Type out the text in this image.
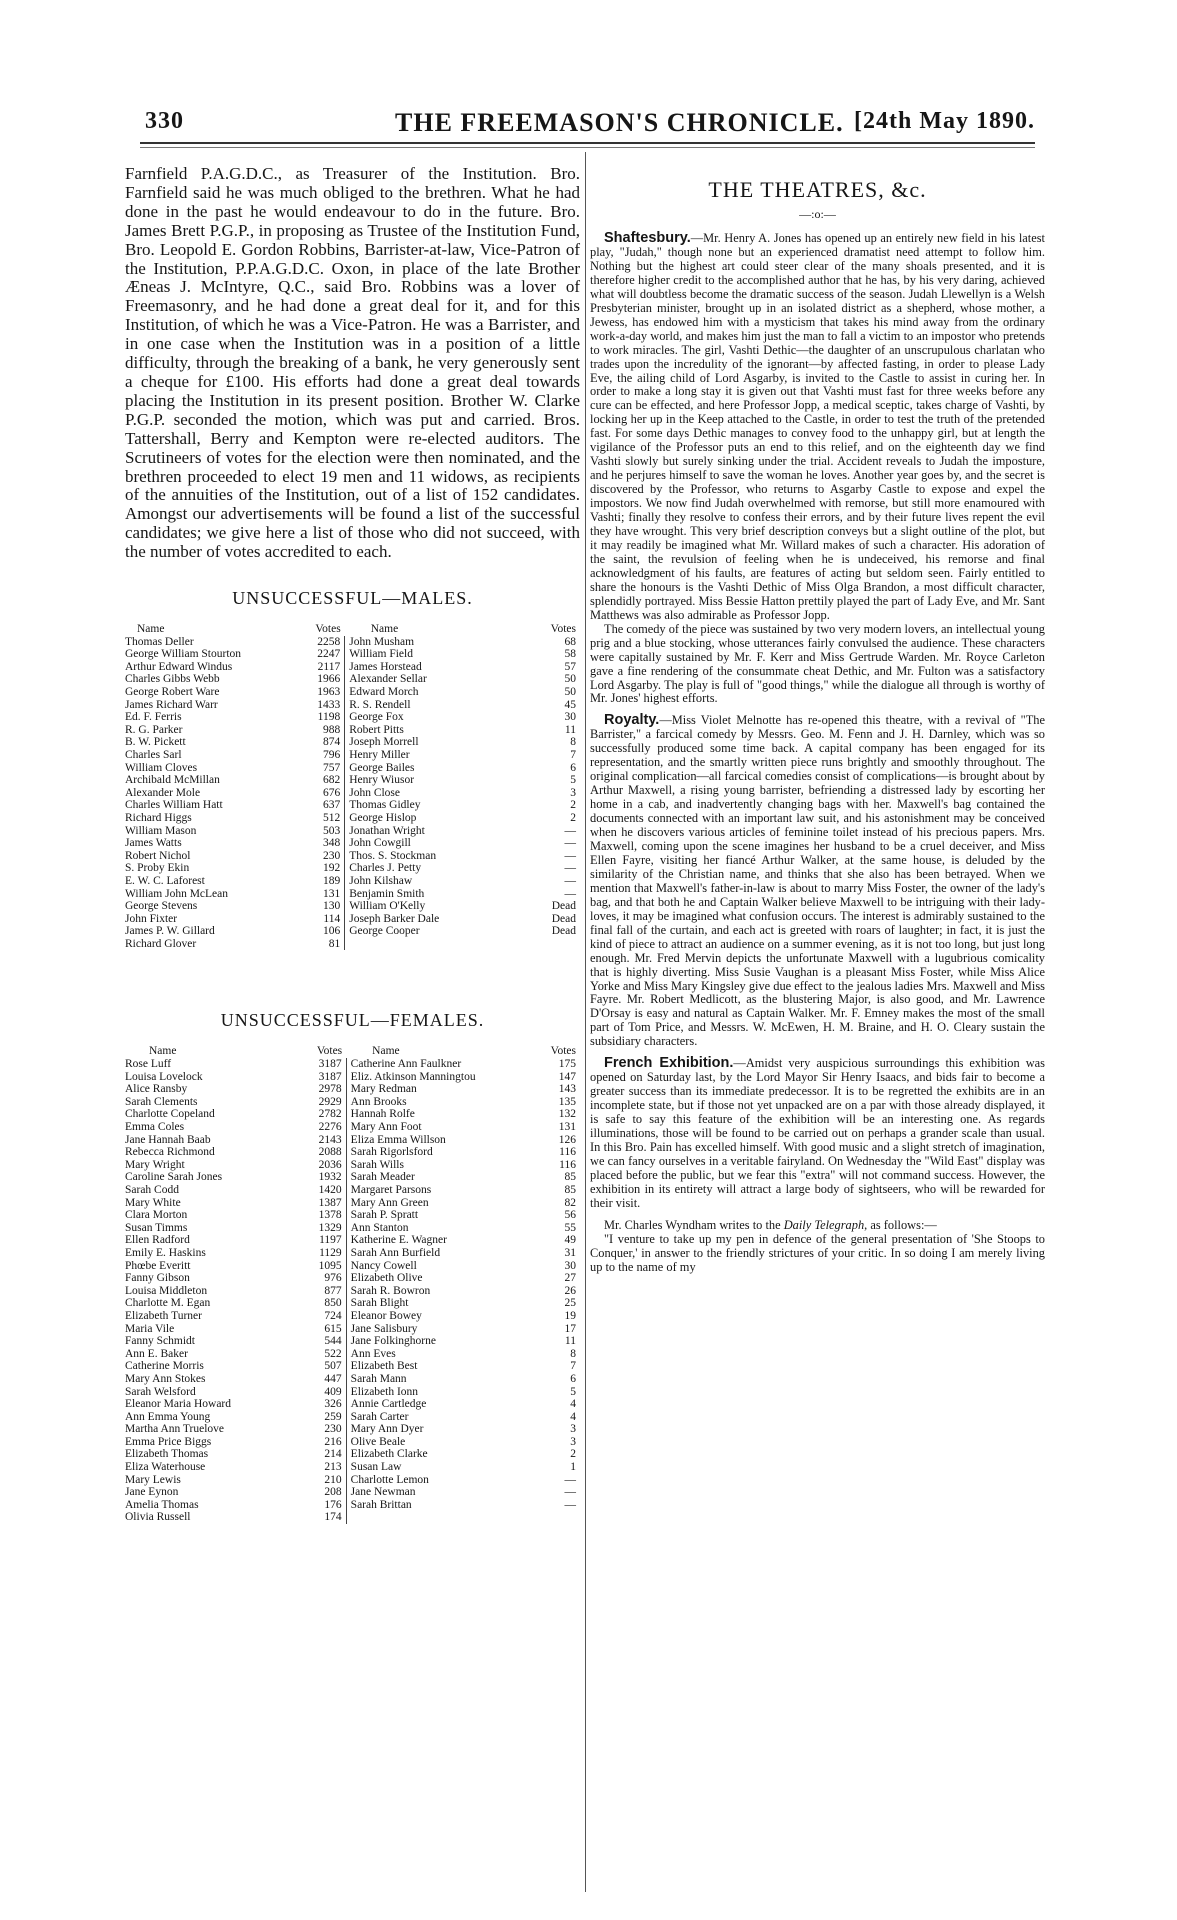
330	THE FREEMASON'S CHRONICLE. [24th May 1890.

Farnfield P.A.G.D.C., as Treasurer of the Institution. Bro. Farnfield said he was much obliged to the brethren. What he had done in the past he would endeavour to do in the future. Bro. James Brett P.G.P., in proposing as Trustee of the Institution Fund, Bro. Leopold E. Gordon Robbins, Barrister-at-law, Vice-Patron of the Institution, P.P.A.G.D.C. Oxon, in place of the late Brother Æneas J. McIntyre, Q.C., said Bro. Robbins was a lover of Freemasonry, and he had done a great deal for it, and for this Institution, of which he was a Vice-Patron. He was a Barrister, and in one case when the Institution was in a position of a little difficulty, through the breaking of a bank, he very generously sent a cheque for £100. His efforts had done a great deal towards placing the Institution in its present position. Brother W. Clarke P.G.P. seconded the motion, which was put and carried. Bros. Tattershall, Berry and Kempton were re-elected auditors. The Scrutineers of votes for the election were then nominated, and the brethren proceeded to elect 19 men and 11 widows, as recipients of the annuities of the Institution, out of a list of 152 candidates. Amongst our advertisements will be found a list of the successful candidates; we give here a list of those who did not succeed, with the number of votes accredited to each.

UNSUCCESSFUL—MALES.
Name	Votes	Name	Votes
Thomas Deller	2258	John Musham	68
George William Stourton	2247	William Field	58
Arthur Edward Windus	2117	James Horstead	57
Charles Gibbs Webb	1966	Alexander Sellar	50
George Robert Ware	1963	Edward Morch	50
James Richard Warr	1433	R. S. Rendell	45
Ed. F. Ferris	1198	George Fox	30
R. G. Parker	988	Robert Pitts	11
B. W. Pickett	874	Joseph Morrell	8
Charles Sarl	796	Henry Miller	7
William Cloves	757	George Bailes	6
Archibald McMillan	682	Henry Wiusor	5
Alexander Mole	676	John Close	3
Charles William Hatt	637	Thomas Gidley	2
Richard Higgs	512	George Hislop	2
William Mason	503	Jonathan Wright	—
James Watts	348	John Cowgill	—
Robert Nichol	230	Thos. S. Stockman	—
S. Proby Ekin	192	Charles J. Petty	—
E. W. C. Laforest	189	John Kilshaw	—
William John McLean	131	Benjamin Smith	—
George Stevens	130	William O'Kelly	Dead
John Fixter	114	Joseph Barker Dale	Dead
James P. W. Gillard	106	George Cooper	Dead
Richard Glover	81		
UNSUCCESSFUL—FEMALES.
Name	Votes	Name	Votes
Rose Luff	3187	Catherine Ann Faulkner	175
Louisa Lovelock	3187	Eliz. Atkinson Manningtou	147
Alice Ransby	2978	Mary Redman	143
Sarah Clements	2929	Ann Brooks	135
Charlotte Copeland	2782	Hannah Rolfe	132
Emma Coles	2276	Mary Ann Foot	131
Jane Hannah Baab	2143	Eliza Emma Willson	126
Rebecca Richmond	2088	Sarah Rigorlsford	116
Mary Wright	2036	Sarah Wills	116
Caroline Sarah Jones	1932	Sarah Meader	85
Sarah Codd	1420	Margaret Parsons	85
Mary White	1387	Mary Ann Green	82
Clara Morton	1378	Sarah P. Spratt	56
Susan Timms	1329	Ann Stanton	55
Ellen Radford	1197	Katherine E. Wagner	49
Emily E. Haskins	1129	Sarah Ann Burfield	31
Phœbe Everitt	1095	Nancy Cowell	30
Fanny Gibson	976	Elizabeth Olive	27
Louisa Middleton	877	Sarah R. Bowron	26
Charlotte M. Egan	850	Sarah Blight	25
Elizabeth Turner	724	Eleanor Bowey	19
Maria Vile	615	Jane Salisbury	17
Fanny Schmidt	544	Jane Folkinghorne	11
Ann E. Baker	522	Ann Eves	8
Catherine Morris	507	Elizabeth Best	7
Mary Ann Stokes	447	Sarah Mann	6
Sarah Welsford	409	Elizabeth Ionn	5
Eleanor Maria Howard	326	Annie Cartledge	4
Ann Emma Young	259	Sarah Carter	4
Martha Ann Truelove	230	Mary Ann Dyer	3
Emma Price Biggs	216	Olive Beale	3
Elizabeth Thomas	214	Elizabeth Clarke	2
Eliza Waterhouse	213	Susan Law	1
Mary Lewis	210	Charlotte Lemon	—
Jane Eynon	208	Jane Newman	—
Amelia Thomas	176	Sarah Brittan	—
Olivia Russell	174		
THE THEATRES, &c.
—:o:—

Shaftesbury.—Mr. Henry A. Jones has opened up an entirely new field in his latest play, "Judah," though none but an experienced dramatist need attempt to follow him. Nothing but the highest art could steer clear of the many shoals presented, and it is therefore higher credit to the accomplished author that he has, by his very daring, achieved what will doubtless become the dramatic success of the season. Judah Llewellyn is a Welsh Presbyterian minister, brought up in an isolated district as a shepherd, whose mother, a Jewess, has endowed him with a mysticism that takes his mind away from the ordinary work-a-day world, and makes him just the man to fall a victim to an impostor who pretends to work miracles. The girl, Vashti Dethic—the daughter of an unscrupulous charlatan who trades upon the incredulity of the ignorant—by affected fasting, in order to please Lady Eve, the ailing child of Lord Asgarby, is invited to the Castle to assist in curing her. In order to make a long stay it is given out that Vashti must fast for three weeks before any cure can be effected, and here Professor Jopp, a medical sceptic, takes charge of Vashti, by locking her up in the Keep attached to the Castle, in order to test the truth of the pretended fast. For some days Dethic manages to convey food to the unhappy girl, but at length the vigilance of the Professor puts an end to this relief, and on the eighteenth day we find Vashti slowly but surely sinking under the trial. Accident reveals to Judah the imposture, and he perjures himself to save the woman he loves. Another year goes by, and the secret is discovered by the Professor, who returns to Asgarby Castle to expose and expel the impostors. We now find Judah overwhelmed with remorse, but still more enamoured with Vashti; finally they resolve to confess their errors, and by their future lives repent the evil they have wrought. This very brief description conveys but a slight outline of the plot, but it may readily be imagined what Mr. Willard makes of such a character. His adoration of the saint, the revulsion of feeling when he is undeceived, his remorse and final acknowledgment of his faults, are features of acting but seldom seen. Fairly entitled to share the honours is the Vashti Dethic of Miss Olga Brandon, a most difficult character, splendidly portrayed. Miss Bessie Hatton prettily played the part of Lady Eve, and Mr. Sant Matthews was also admirable as Professor Jopp.

The comedy of the piece was sustained by two very modern lovers, an intellectual young prig and a blue stocking, whose utterances fairly convulsed the audience. These characters were capitally sustained by Mr. F. Kerr and Miss Gertrude Warden. Mr. Royce Carleton gave a fine rendering of the consummate cheat Dethic, and Mr. Fulton was a satisfactory Lord Asgarby. The play is full of "good things," while the dialogue all through is worthy of Mr. Jones' highest efforts.

Royalty.—Miss Violet Melnotte has re-opened this theatre, with a revival of "The Barrister," a farcical comedy by Messrs. Geo. M. Fenn and J. H. Darnley, which was so successfully produced some time back. A capital company has been engaged for its representation, and the smartly written piece runs brightly and smoothly throughout. The original complication—all farcical comedies consist of complications—is brought about by Arthur Maxwell, a rising young barrister, befriending a distressed lady by escorting her home in a cab, and inadvertently changing bags with her. Maxwell's bag contained the documents connected with an important law suit, and his astonishment may be conceived when he discovers various articles of feminine toilet instead of his precious papers. Mrs. Maxwell, coming upon the scene imagines her husband to be a cruel deceiver, and Miss Ellen Fayre, visiting her fiancé Arthur Walker, at the same house, is deluded by the similarity of the Christian name, and thinks that she also has been betrayed. When we mention that Maxwell's father-in-law is about to marry Miss Foster, the owner of the lady's bag, and that both he and Captain Walker believe Maxwell to be intriguing with their lady-loves, it may be imagined what confusion occurs. The interest is admirably sustained to the final fall of the curtain, and each act is greeted with roars of laughter; in fact, it is just the kind of piece to attract an audience on a summer evening, as it is not too long, but just long enough. Mr. Fred Mervin depicts the unfortunate Maxwell with a lugubrious comicality that is highly diverting. Miss Susie Vaughan is a pleasant Miss Foster, while Miss Alice Yorke and Miss Mary Kingsley give due effect to the jealous ladies Mrs. Maxwell and Miss Fayre. Mr. Robert Medlicott, as the blustering Major, is also good, and Mr. Lawrence D'Orsay is easy and natural as Captain Walker. Mr. F. Emney makes the most of the small part of Tom Price, and Messrs. W. McEwen, H. M. Braine, and H. O. Cleary sustain the subsidiary characters.

French Exhibition.—Amidst very auspicious surroundings this exhibition was opened on Saturday last, by the Lord Mayor Sir Henry Isaacs, and bids fair to become a greater success than its immediate predecessor. It is to be regretted the exhibits are in an incomplete state, but if those not yet unpacked are on a par with those already displayed, it is safe to say this feature of the exhibition will be an interesting one. As regards illuminations, those will be found to be carried out on perhaps a grander scale than usual. In this Bro. Pain has excelled himself. With good music and a slight stretch of imagination, we can fancy ourselves in a veritable fairyland. On Wednesday the "Wild East" display was placed before the public, but we fear this "extra" will not command success. However, the exhibition in its entirety will attract a large body of sightseers, who will be rewarded for their visit.

Mr. Charles Wyndham writes to the Daily Telegraph, as follows:—

"I venture to take up my pen in defence of the general presentation of 'She Stoops to Conquer,' in answer to the friendly strictures of your critic. In so doing I am merely living up to the name of my
